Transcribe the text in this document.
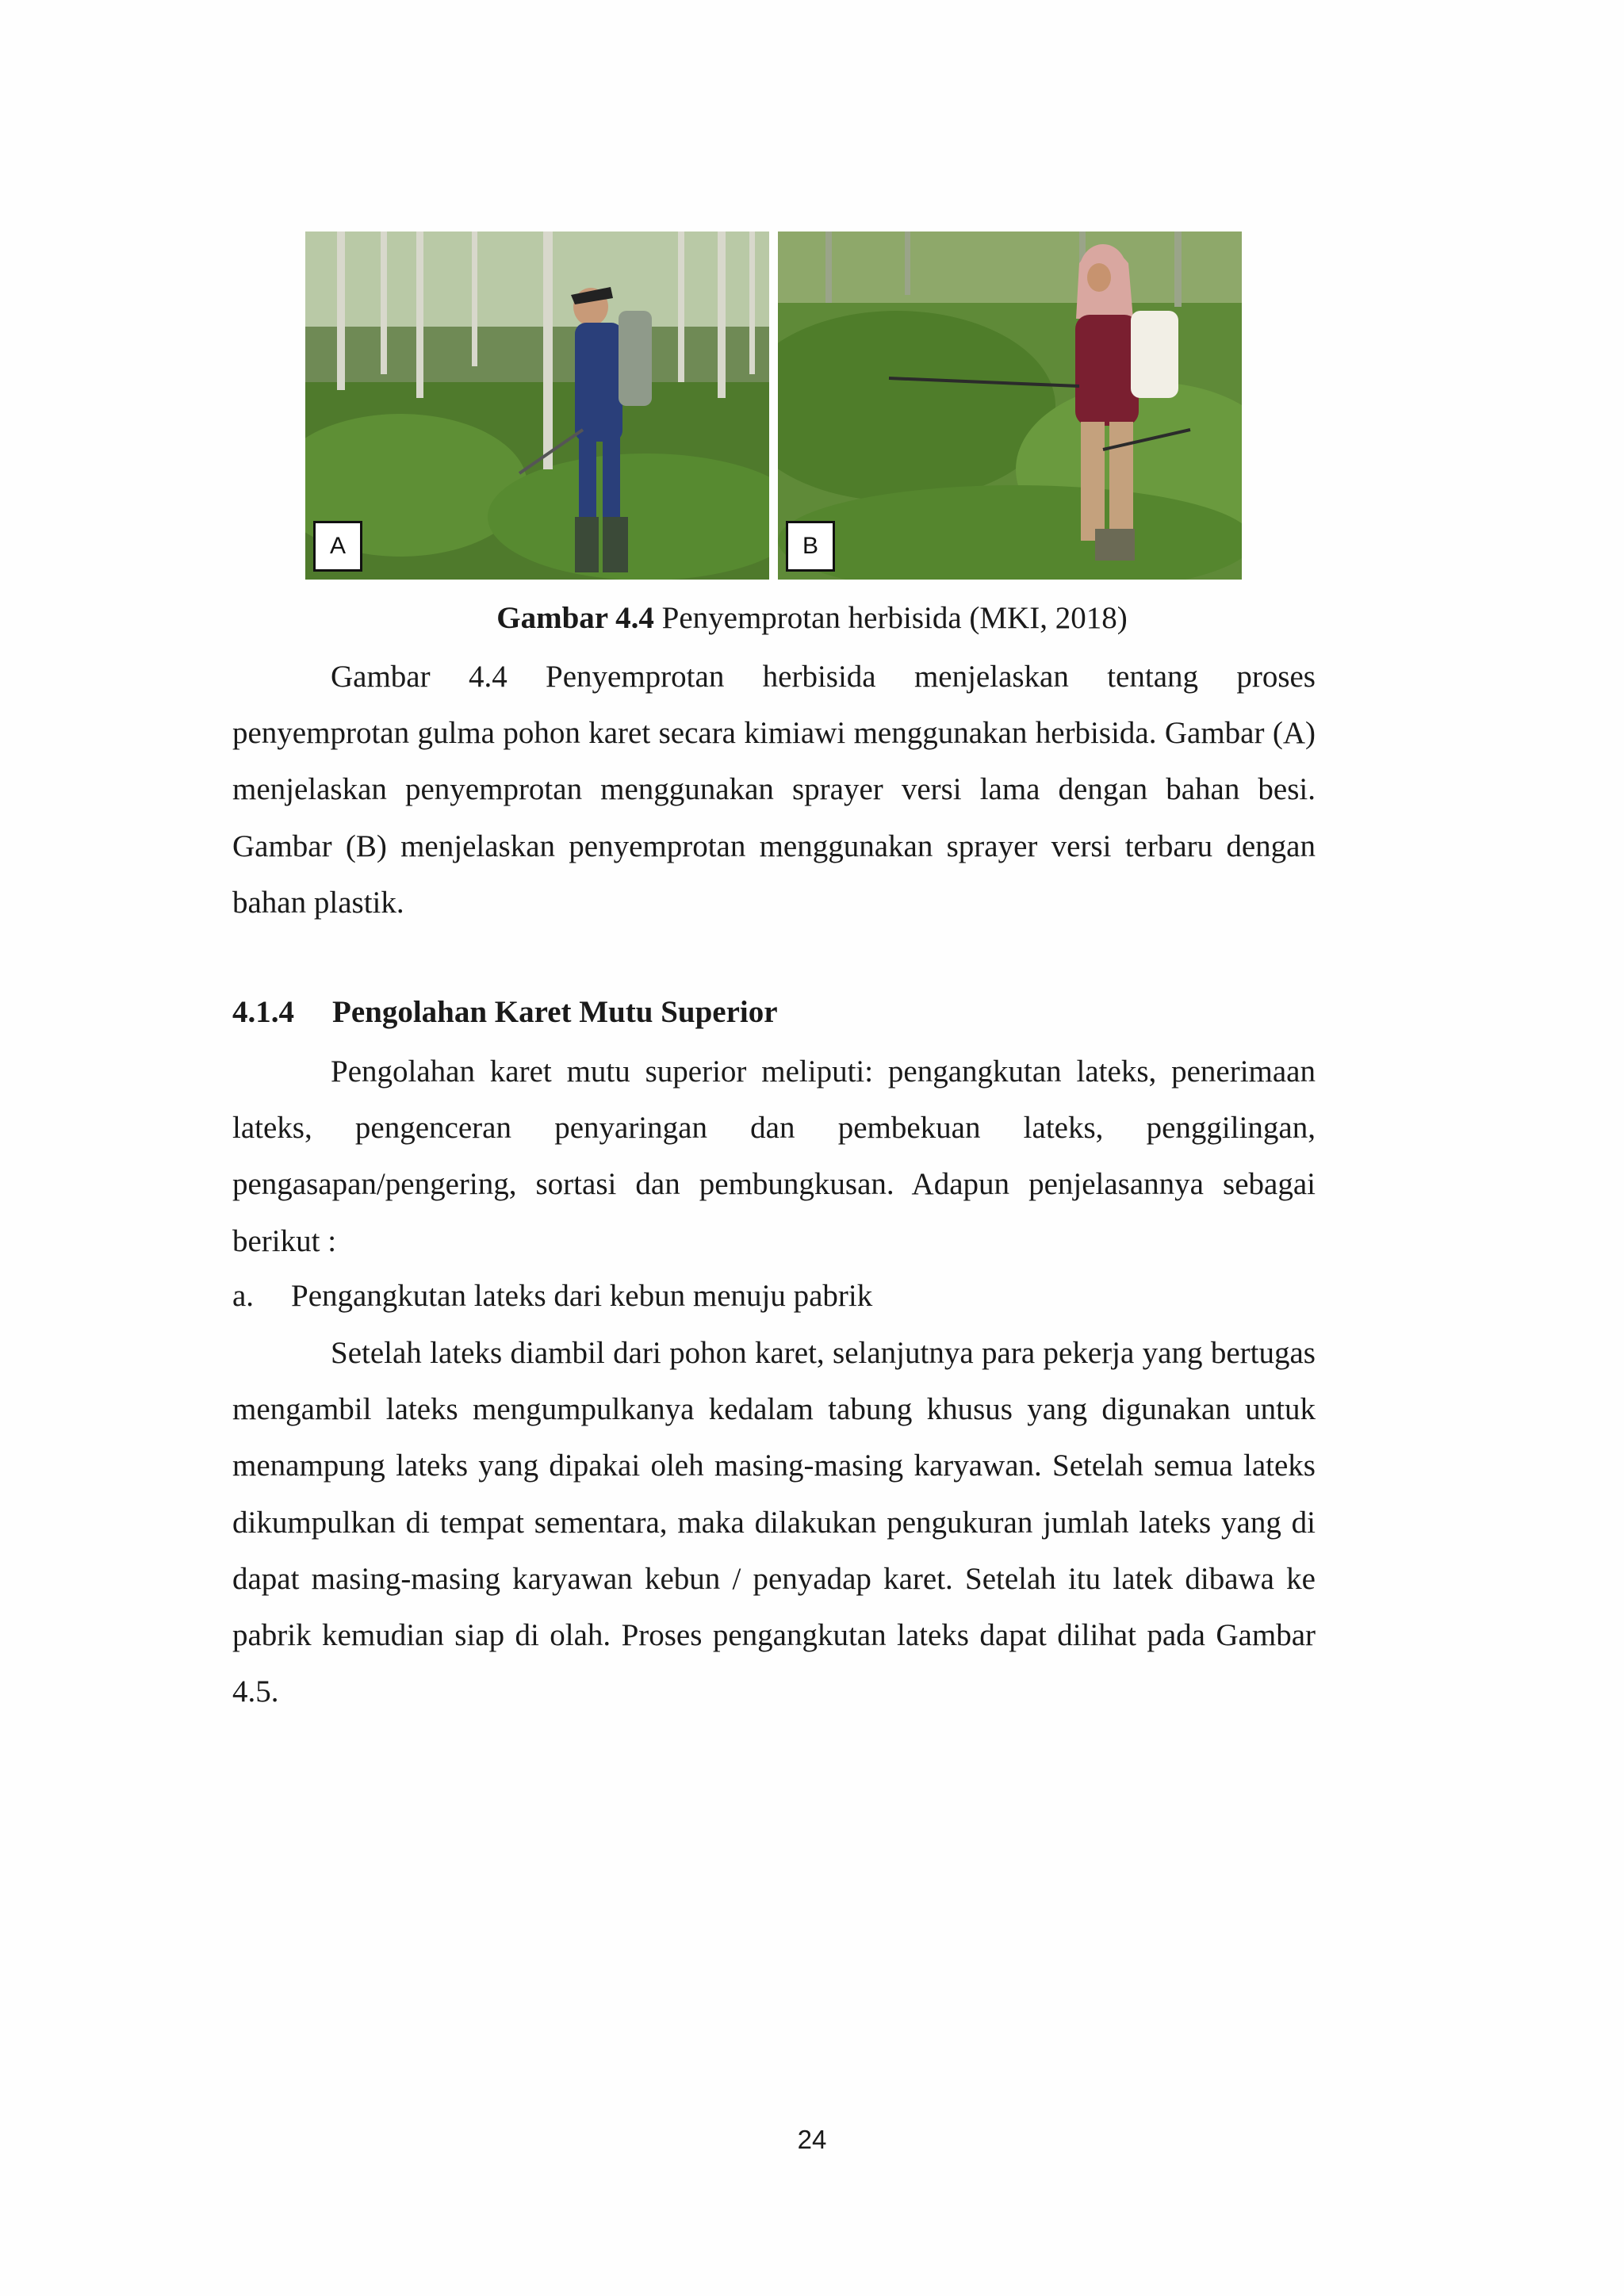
A	B
Gambar 4.4 Penyemprotan herbisida (MKI, 2018)

Gambar 4.4 Penyemprotan herbisida menjelaskan tentang proses penyemprotan gulma pohon karet secara kimiawi menggunakan herbisida. Gambar (A) menjelaskan penyemprotan menggunakan sprayer versi lama dengan bahan besi. Gambar (B) menjelaskan penyemprotan menggunakan sprayer versi terbaru dengan bahan plastik.

4.1.4 Pengolahan Karet Mutu Superior

Pengolahan karet mutu superior meliputi: pengangkutan lateks, penerimaan lateks, pengenceran penyaringan dan pembekuan lateks, penggilingan, pengasapan/pengering, sortasi dan pembungkusan. Adapun penjelasannya sebagai berikut :

a. Pengangkutan lateks dari kebun menuju pabrik

Setelah lateks diambil dari pohon karet, selanjutnya para pekerja yang bertugas mengambil lateks mengumpulkanya kedalam tabung khusus yang digunakan untuk menampung lateks yang dipakai oleh masing-masing karyawan. Setelah semua lateks dikumpulkan di tempat sementara, maka dilakukan pengukuran jumlah lateks yang di dapat masing-masing karyawan kebun / penyadap karet. Setelah itu latek dibawa ke pabrik kemudian siap di olah. Proses pengangkutan lateks dapat dilihat pada Gambar 4.5.

24
